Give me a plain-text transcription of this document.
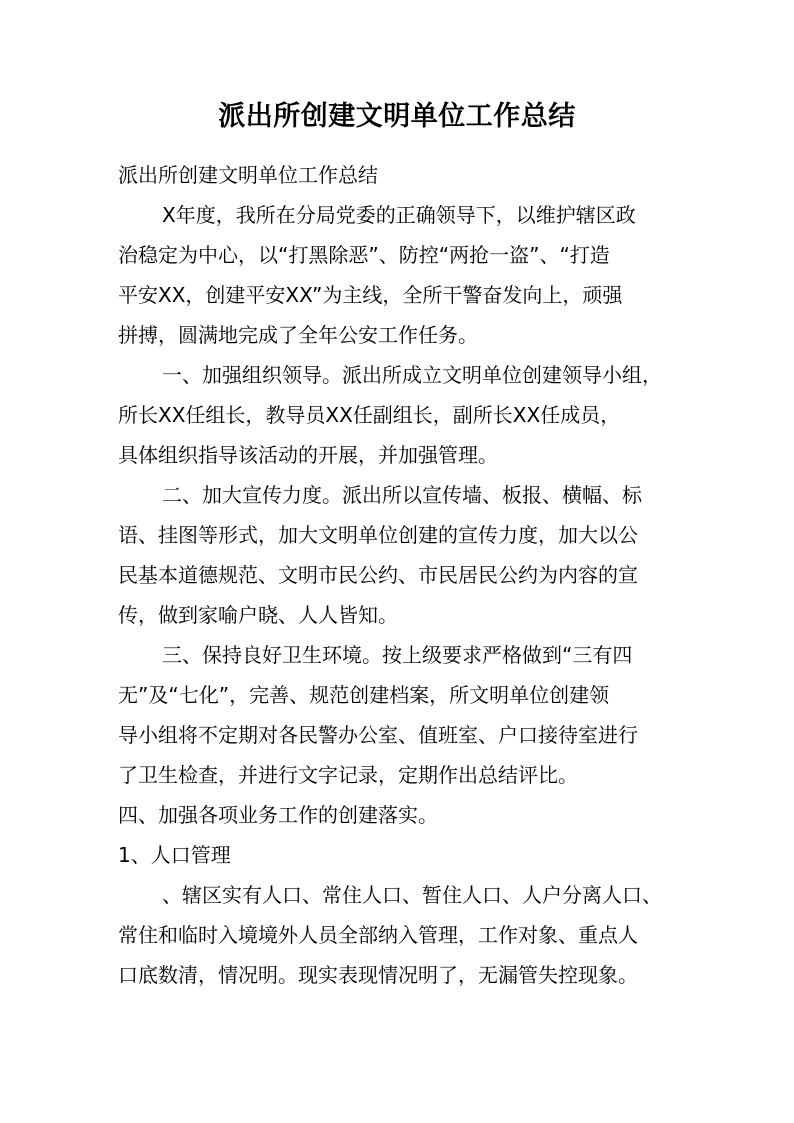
派出所创建文明单位工作总结
派出所创建文明单位工作总结
X年度，我所在分局党委的正确领导下，以维护辖区政
治稳定为中心，以“打黑除恶”、防控“两抢一盗”、“打造
平安XX，创建平安XX”为主线，全所干警奋发向上，顽强
拼搏，圆满地完成了全年公安工作任务。
一、加强组织领导。派出所成立文明单位创建领导小组，
所长XX任组长，教导员XX任副组长，副所长XX任成员，
具体组织指导该活动的开展，并加强管理。
二、加大宣传力度。派出所以宣传墙、板报、横幅、标
语、挂图等形式，加大文明单位创建的宣传力度，加大以公
民基本道德规范、文明市民公约、市民居民公约为内容的宣
传，做到家喻户晓、人人皆知。
三、保持良好卫生环境。按上级要求严格做到“三有四
无”及“七化”，完善、规范创建档案，所文明单位创建领
导小组将不定期对各民警办公室、值班室、户口接待室进行
了卫生检查，并进行文字记录，定期作出总结评比。
四、加强各项业务工作的创建落实。
1、人口管理
、辖区实有人口、常住人口、暂住人口、人户分离人口、
常住和临时入境境外人员全部纳入管理，工作对象、重点人
口底数清，情况明。现实表现情况明了，无漏管失控现象。
